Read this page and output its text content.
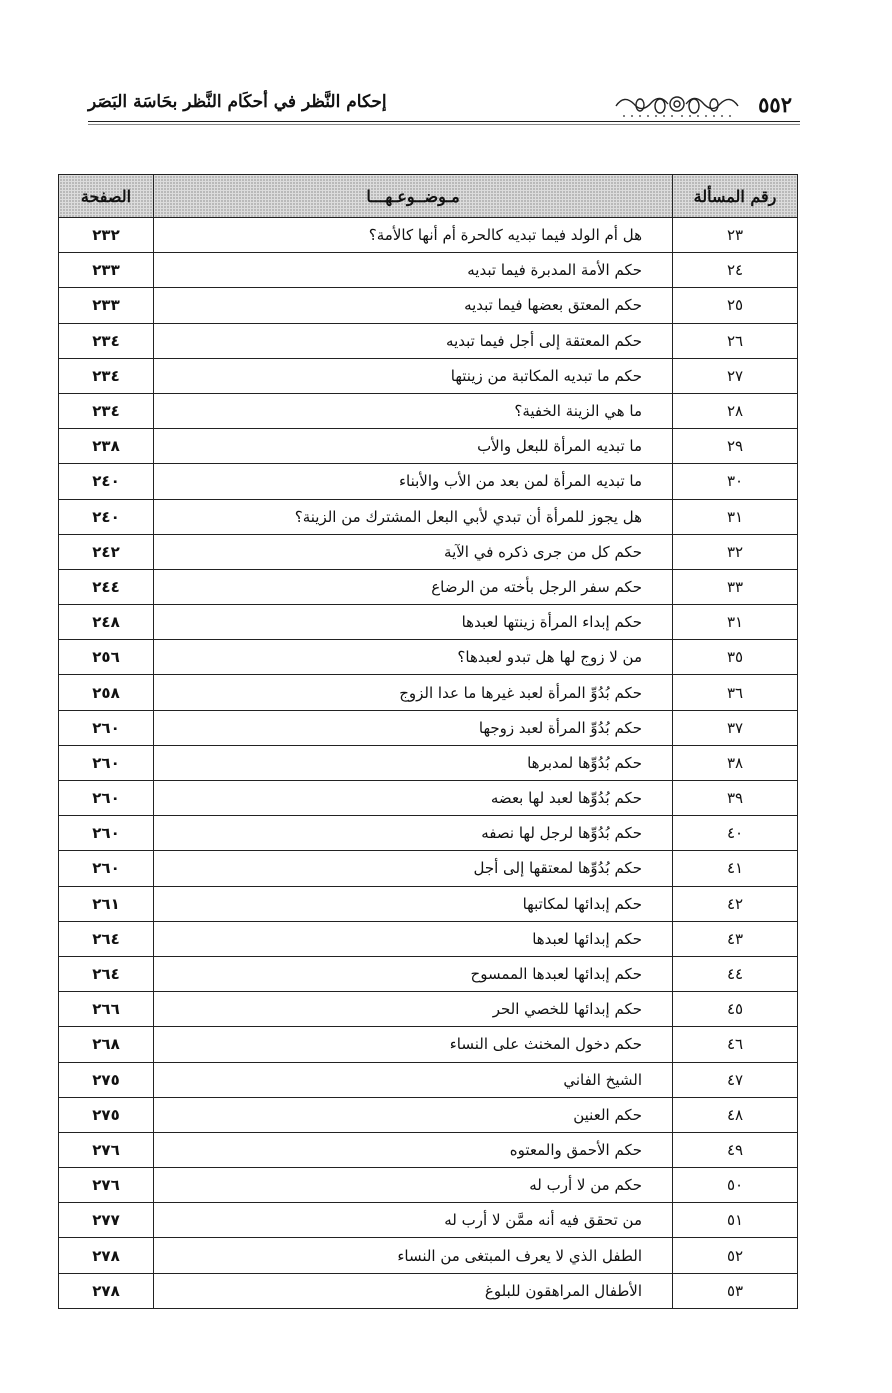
٥٥٢
إحكام النَّظر في أحكَام النَّظر بحَاسَة البَصَر
رقم المسألة	مـوضــوعـهـــا	الصفحة
٢٣	هل أم الولد فيما تبديه كالحرة أم أنها كالأمة؟	٢٣٢
٢٤	حكم الأمة المدبرة فيما تبديه	٢٣٣
٢٥	حكم المعتق بعضها فيما تبديه	٢٣٣
٢٦	حكم المعتقة إلى أجل فيما تبديه	٢٣٤
٢٧	حكم ما تبديه المكاتبة من زينتها	٢٣٤
٢٨	ما هي الزينة الخفية؟	٢٣٤
٢٩	ما تبديه المرأة للبعل والأب	٢٣٨
٣٠	ما تبديه المرأة لمن بعد من الأب والأبناء	٢٤٠
٣١	هل يجوز للمرأة أن تبدي لأبي البعل المشترك من الزينة؟	٢٤٠
٣٢	حكم كل من جرى ذكره في الآية	٢٤٢
٣٣	حكم سفر الرجل بأخته من الرضاع	٢٤٤
٣١	حكم إبداء المرأة زينتها لعبدها	٢٤٨
٣٥	من لا زوج لها هل تبدو لعبدها؟	٢٥٦
٣٦	حكم بُدُوِّ المرأة لعبد غيرها ما عدا الزوج	٢٥٨
٣٧	حكم بُدُوِّ المرأة لعبد زوجها	٢٦٠
٣٨	حكم بُدُوِّها لمدبرها	٢٦٠
٣٩	حكم بُدُوِّها لعبد لها بعضه	٢٦٠
٤٠	حكم بُدُوِّها لرجل لها نصفه	٢٦٠
٤١	حكم بُدُوِّها لمعتقها إلى أجل	٢٦٠
٤٢	حكم إبدائها لمكاتبها	٢٦١
٤٣	حكم إبدائها لعبدها	٢٦٤
٤٤	حكم إبدائها لعبدها الممسوح	٢٦٤
٤٥	حكم إبدائها للخصي الحر	٢٦٦
٤٦	حكم دخول المخنث على النساء	٢٦٨
٤٧	الشيخ الفاني	٢٧٥
٤٨	حكم العنين	٢٧٥
٤٩	حكم الأحمق والمعتوه	٢٧٦
٥٠	حكم من لا أرب له	٢٧٦
٥١	من تحقق فيه أنه ممَّن لا أرب له	٢٧٧
٥٢	الطفل الذي لا يعرف المبتغى من النساء	٢٧٨
٥٣	الأطفال المراهقون للبلوغ	٢٧٨
